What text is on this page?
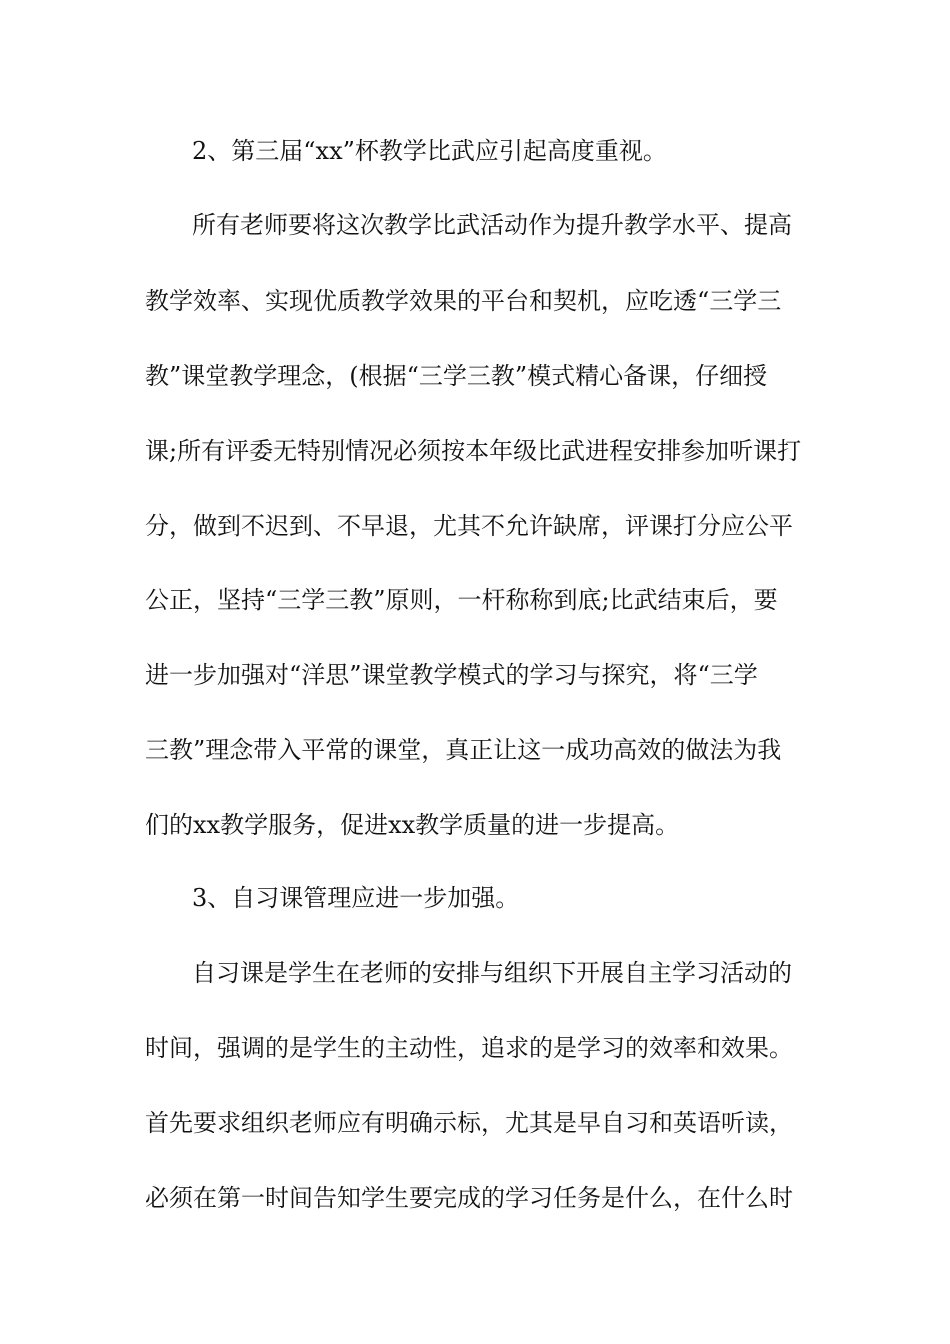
2、第三届“xx”杯教学比武应引起高度重视。
所有老师要将这次教学比武活动作为提升教学水平、提高
教学效率、实现优质教学效果的平台和契机，应吃透“三学三
教”课堂教学理念，(根据“三学三教”模式精心备课，仔细授
课;所有评委无特别情况必须按本年级比武进程安排参加听课打
分，做到不迟到、不早退，尤其不允许缺席，评课打分应公平
公正，坚持“三学三教”原则，一杆称称到底;比武结束后，要
进一步加强对“洋思”课堂教学模式的学习与探究，将“三学
三教”理念带入平常的课堂，真正让这一成功高效的做法为我
们的xx教学服务，促进xx教学质量的进一步提高。
3、自习课管理应进一步加强。
自习课是学生在老师的安排与组织下开展自主学习活动的
时间，强调的是学生的主动性，追求的是学习的效率和效果。
首先要求组织老师应有明确示标，尤其是早自习和英语听读，
必须在第一时间告知学生要完成的学习任务是什么，在什么时
